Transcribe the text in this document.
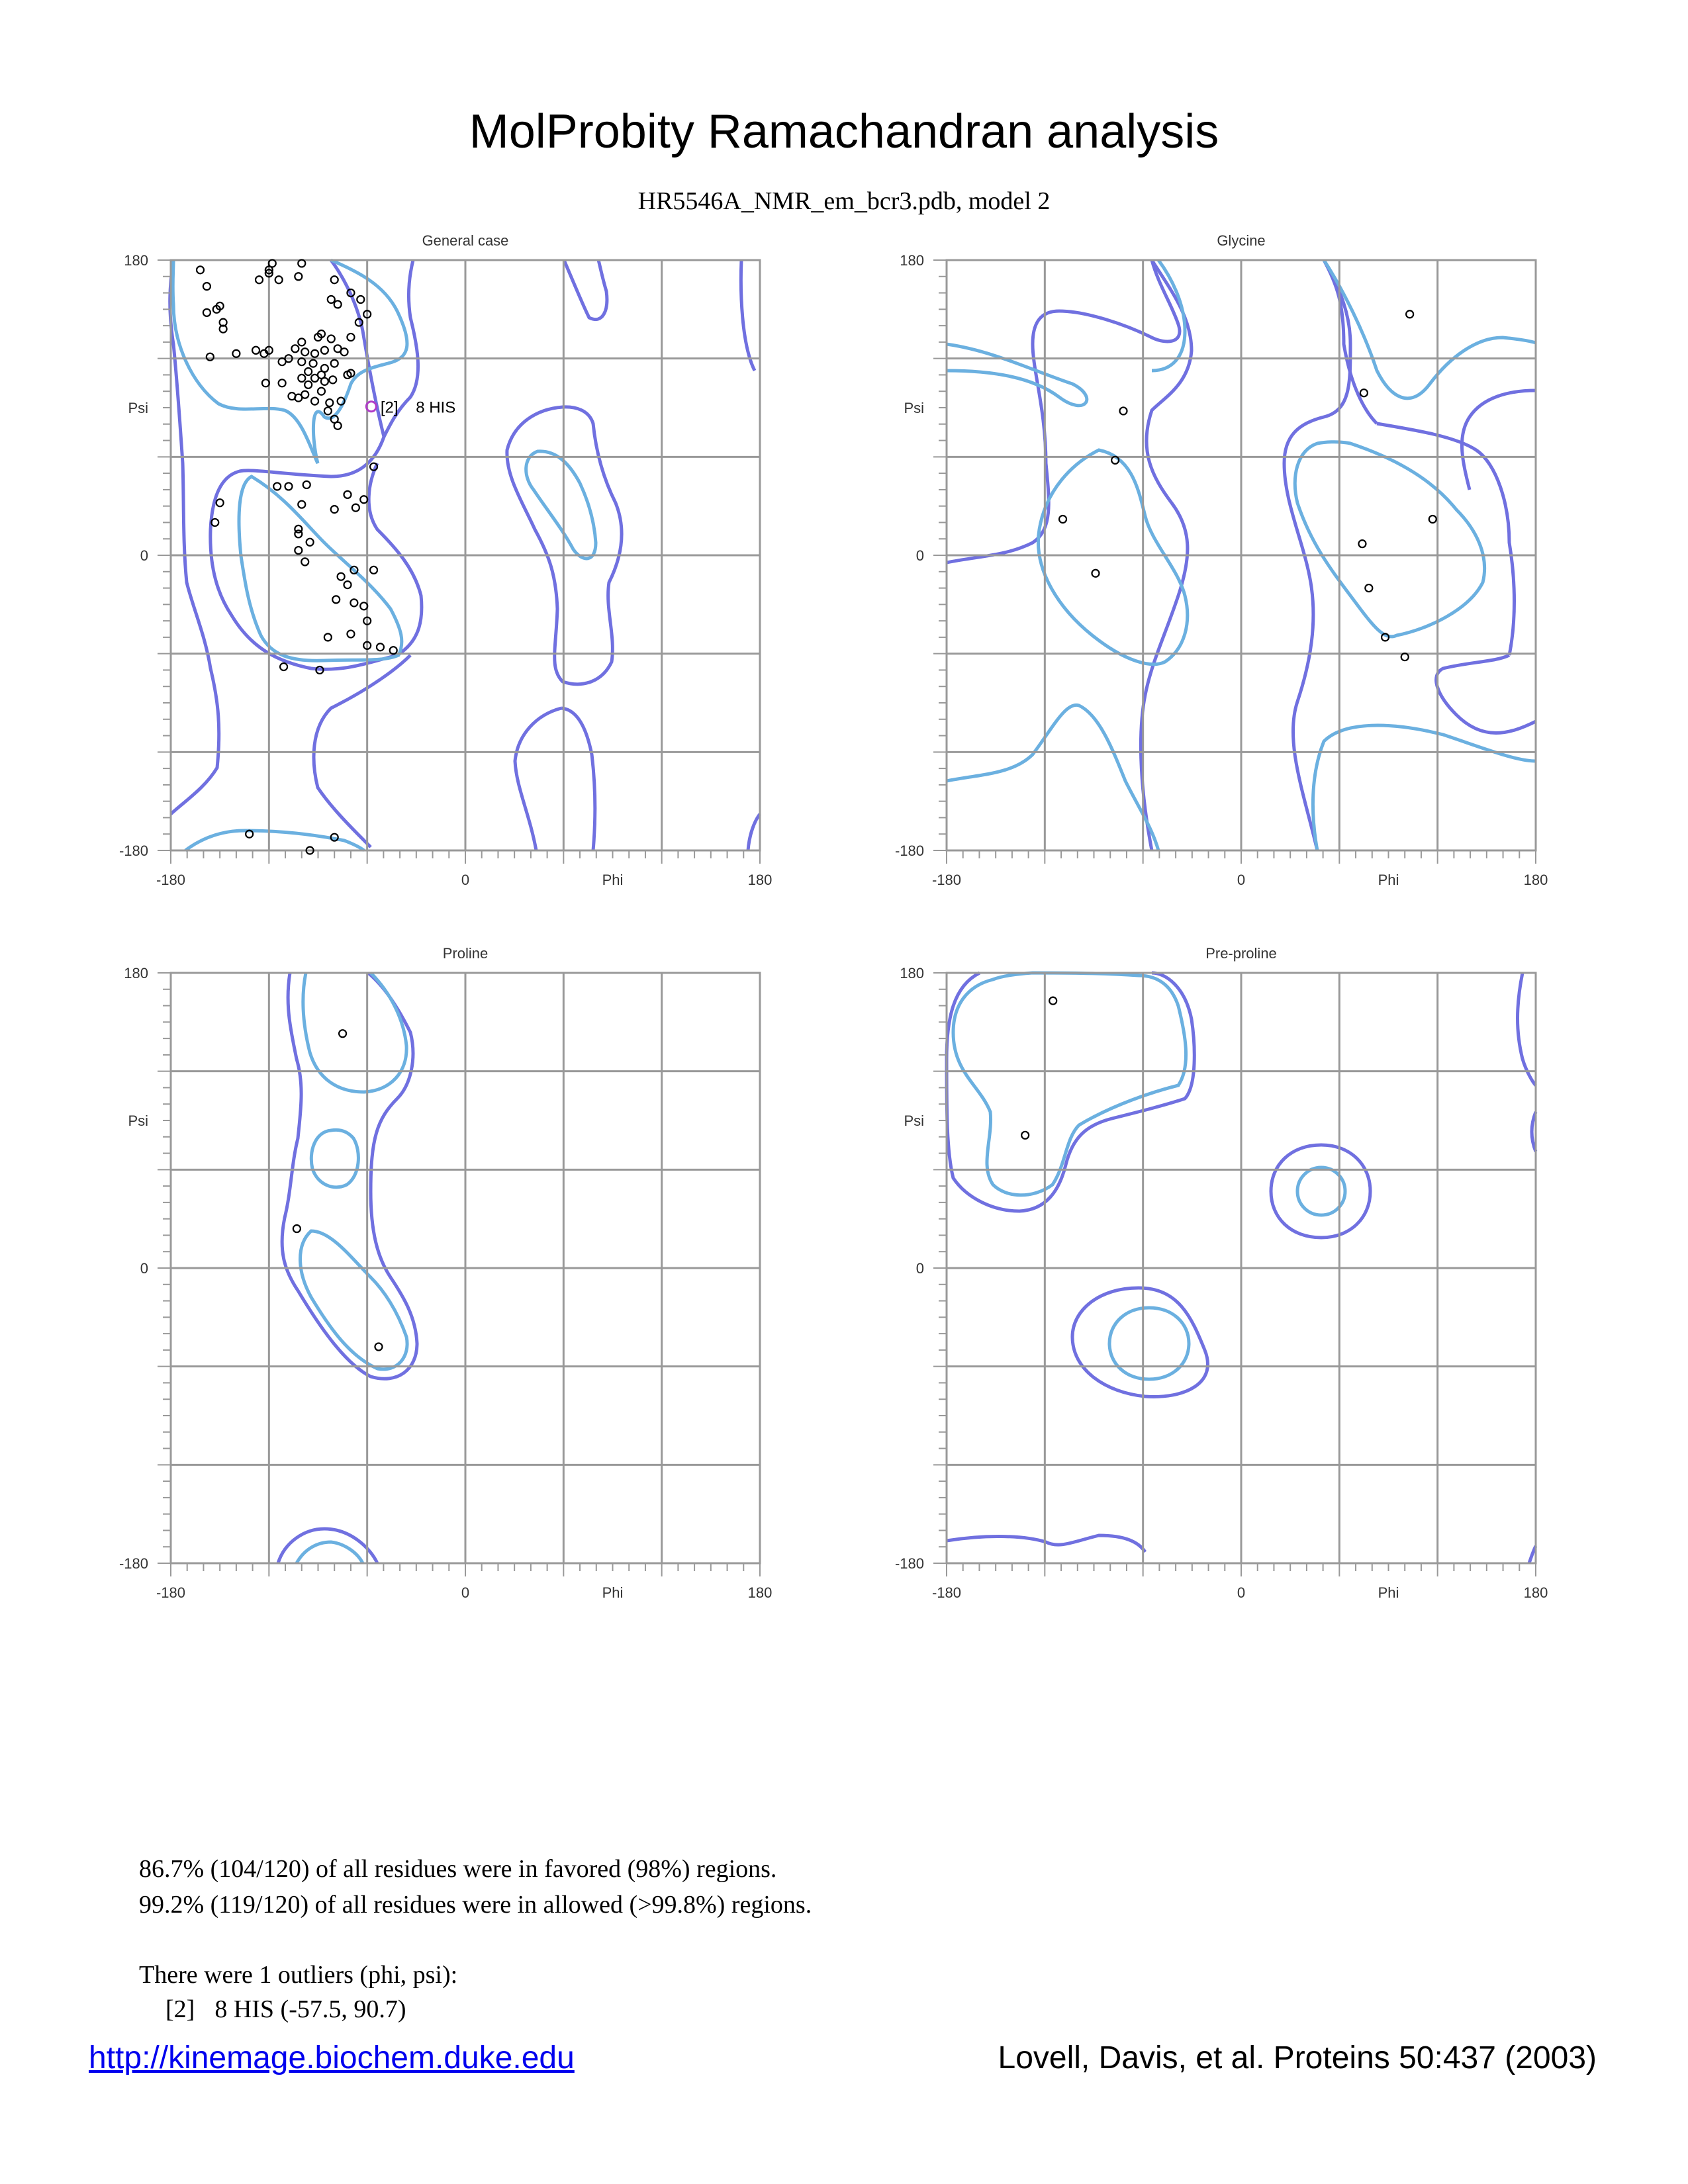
MolProbity Ramachandran analysis
HR5546A_NMR_em_bcr3.pdb, model 2
General case
-180	0	Phi	180
180
Psi
0
-180
Glycine
-180	0	Phi	180
180
Psi
0
-180
Proline
-180	0	Phi	180
180
Psi
0
-180
Pre-proline
-180	0	Phi	180
180
Psi
0
-180
[2]    8 HIS
86.7% (104/120) of all residues were in favored (98%) regions.
99.2% (119/120) of all residues were in allowed (>99.8%) regions.
There were 1 outliers (phi, psi):
[2] 8 HIS (-57.5, 90.7)
http://kinemage.biochem.duke.edu	Lovell, Davis, et al. Proteins 50:437 (2003)
